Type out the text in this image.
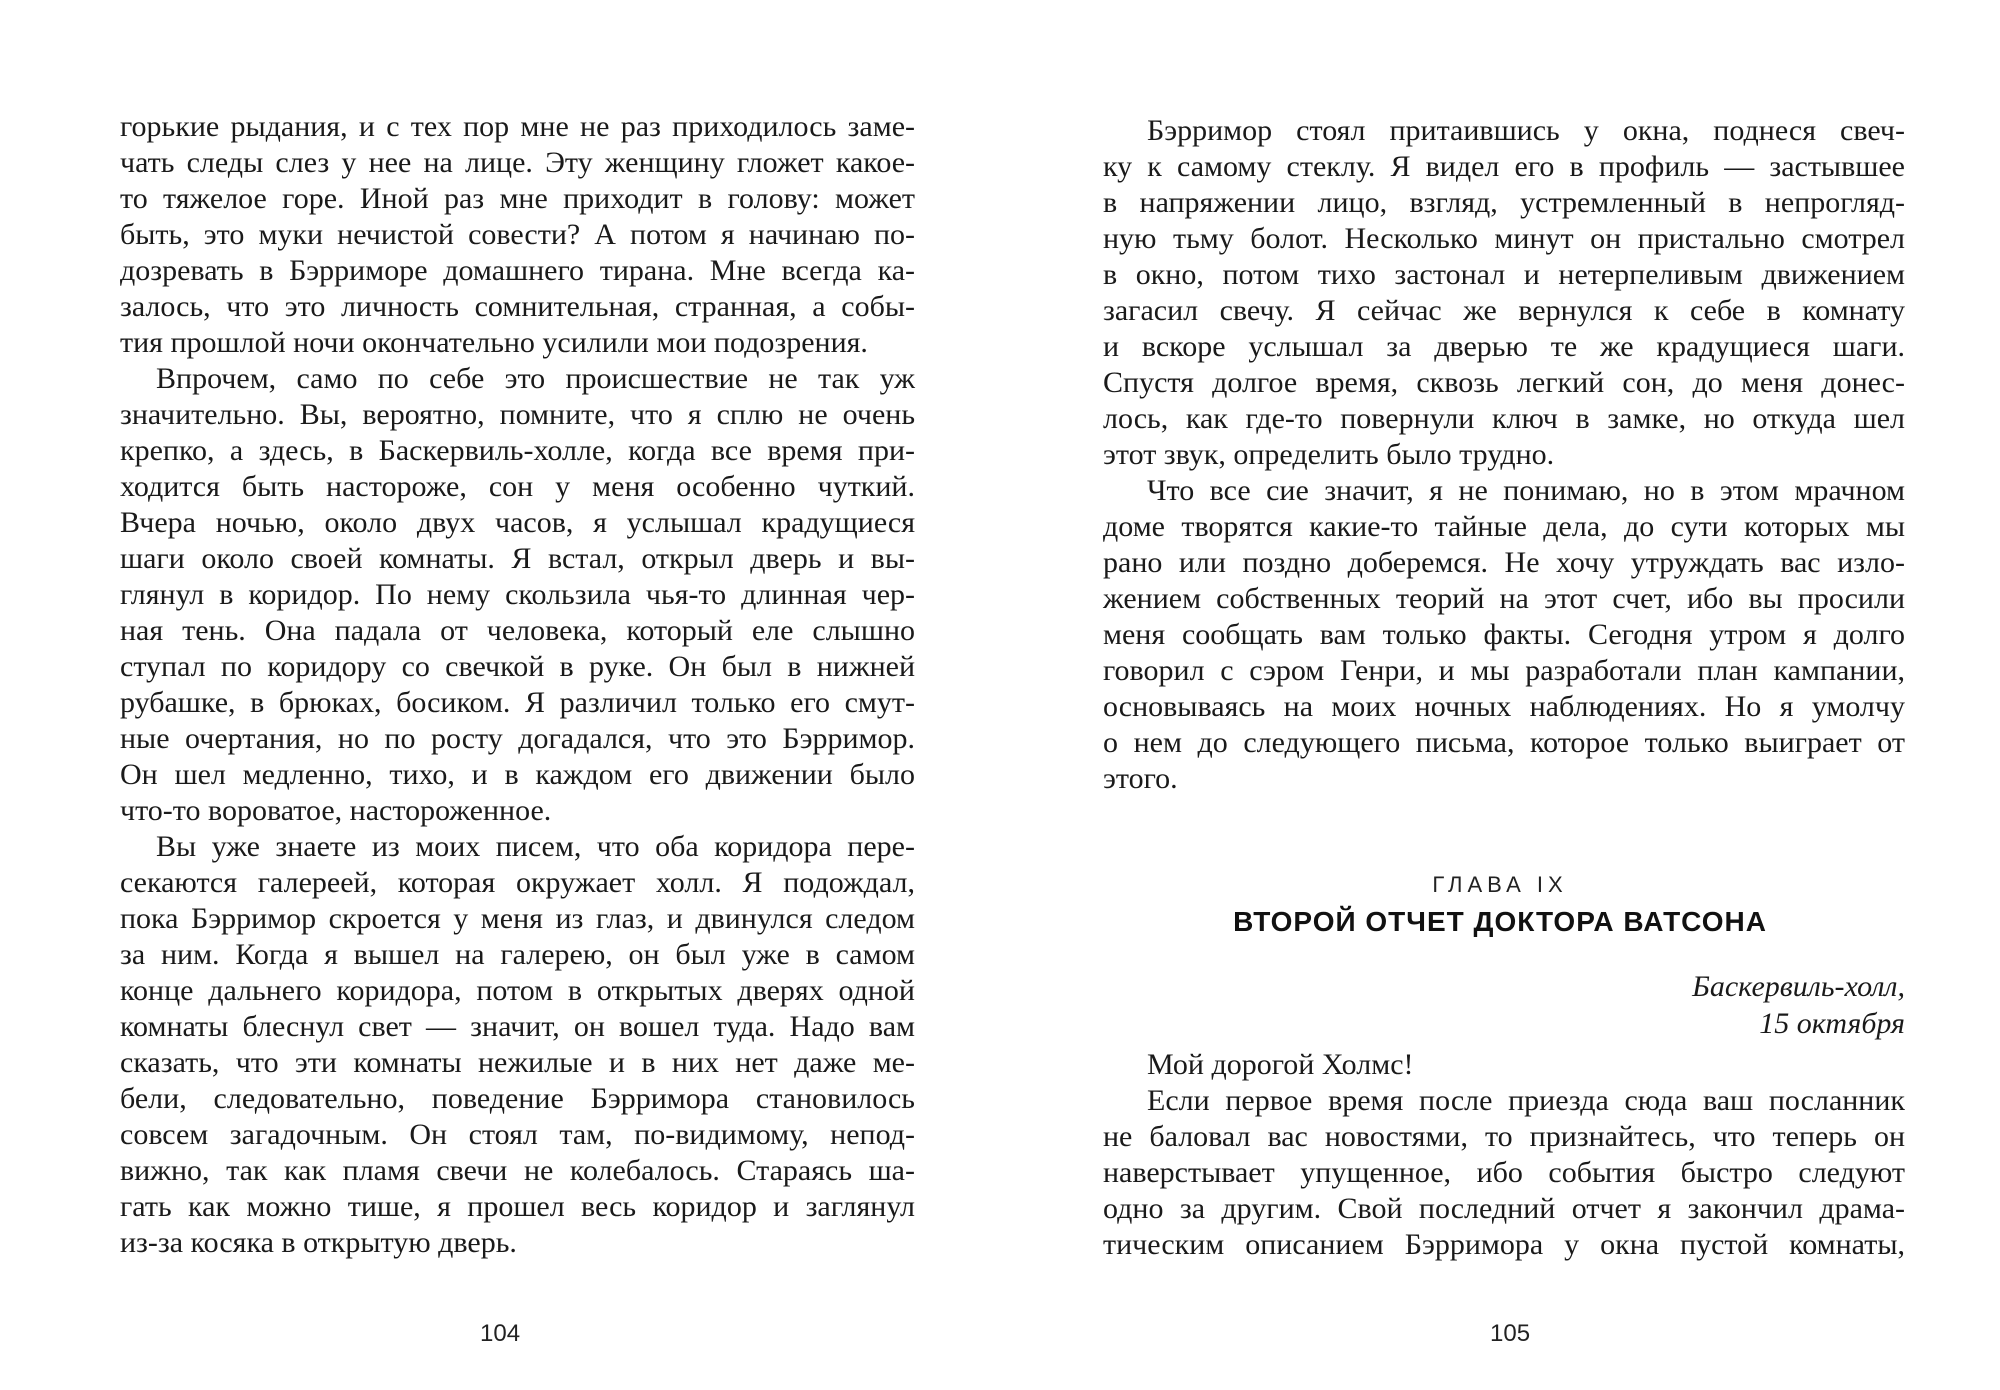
горькие рыдания, и с тех пор мне не раз приходилось заме-
чать следы слез у нее на лице. Эту женщину гложет какое-
то тяжелое горе. Иной раз мне приходит в голову: может
быть, это муки нечистой совести? А потом я начинаю по-
дозревать в Бэрриморе домашнего тирана. Мне всегда ка-
залось, что это личность сомнительная, странная, а собы-
тия прошлой ночи окончательно усилили мои подозрения.
Впрочем, само по себе это происшествие не так уж
значительно. Вы, вероятно, помните, что я сплю не очень
крепко, а здесь, в Баскервиль-холле, когда все время при-
ходится быть настороже, сон у меня особенно чуткий.
Вчера ночью, около двух часов, я услышал крадущиеся
шаги около своей комнаты. Я встал, открыл дверь и вы-
глянул в коридор. По нему скользила чья-то длинная чер-
ная тень. Она падала от человека, который еле слышно
ступал по коридору со свечкой в руке. Он был в нижней
рубашке, в брюках, босиком. Я различил только его смут-
ные очертания, но по росту догадался, что это Бэрримор.
Он шел медленно, тихо, и в каждом его движении было
что-то вороватое, настороженное.
Вы уже знаете из моих писем, что оба коридора пере-
секаются галереей, которая окружает холл. Я подождал,
пока Бэрримор скроется у меня из глаз, и двинулся следом
за ним. Когда я вышел на галерею, он был уже в самом
конце дальнего коридора, потом в открытых дверях одной
комнаты блеснул свет — значит, он вошел туда. Надо вам
сказать, что эти комнаты нежилые и в них нет даже ме-
бели, следовательно, поведение Бэрримора становилось
совсем загадочным. Он стоял там, по-видимому, непод-
вижно, так как пламя свечи не колебалось. Стараясь ша-
гать как можно тише, я прошел весь коридор и заглянул
из-за косяка в открытую дверь.
104
Бэрримор стоял притаившись у окна, поднеся свеч-
ку к самому стеклу. Я видел его в профиль — застывшее
в напряжении лицо, взгляд, устремленный в непрогляд-
ную тьму болот. Несколько минут он пристально смотрел
в окно, потом тихо застонал и нетерпеливым движением
загасил свечу. Я сейчас же вернулся к себе в комнату
и вскоре услышал за дверью те же крадущиеся шаги.
Спустя долгое время, сквозь легкий сон, до меня донес-
лось, как где-то повернули ключ в замке, но откуда шел
этот звук, определить было трудно.
Что все сие значит, я не понимаю, но в этом мрачном
доме творятся какие-то тайные дела, до сути которых мы
рано или поздно доберемся. Не хочу утруждать вас изло-
жением собственных теорий на этот счет, ибо вы просили
меня сообщать вам только факты. Сегодня утром я долго
говорил с сэром Генри, и мы разработали план кампании,
основываясь на моих ночных наблюдениях. Но я умолчу
о нем до следующего письма, которое только выиграет от
этого.
ГЛАВА IX
ВТОРОЙ ОТЧЕТ ДОКТОРА ВАТСОНА
Баскервиль-холл,
15 октября
Мой дорогой Холмс!
Если первое время после приезда сюда ваш посланник
не баловал вас новостями, то признайтесь, что теперь он
наверстывает упущенное, ибо события быстро следуют
одно за другим. Свой последний отчет я закончил драма-
тическим описанием Бэрримора у окна пустой комнаты,
105
